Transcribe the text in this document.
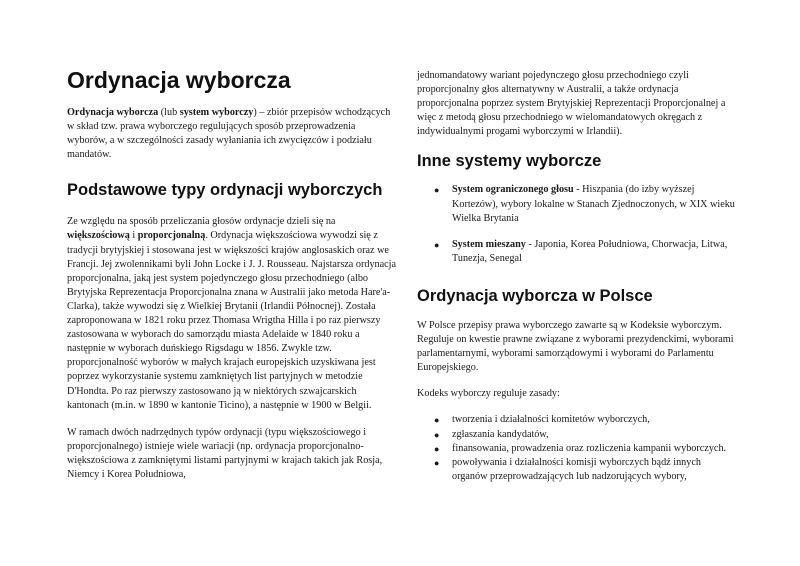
Ordynacja wyborcza

Ordynacja wyborcza (lub system wyborczy) – zbiór przepisów wchodzących w skład tzw. prawa wyborczego regulujących sposób przeprowadzenia wyborów, a w szczególności zasady wyłaniania ich zwycięzców i podziału mandatów.

Podstawowe typy ordynacji wyborczych

Ze względu na sposób przeliczania głosów ordynacje dzieli się na większościową i proporcjonalną. Ordynacja większościowa wywodzi się z tradycji brytyjskiej i stosowana jest w większości krajów anglosaskich oraz we Francji. Jej zwolennikami byli John Locke i J. J. Rousseau. Najstarsza ordynacja proporcjonalna, jaką jest system pojedynczego głosu przechodniego (albo Brytyjska Reprezentacja Proporcjonalna znana w Australii jako metoda Hare'a-Clarka), także wywodzi się z Wielkiej Brytanii (Irlandii Północnej). Została zaproponowana w 1821 roku przez Thomasa Wrigtha Hilla i po raz pierwszy zastosowana w wyborach do samorządu miasta Adelaide w 1840 roku a następnie w wyborach duńskiego Rigsdagu w 1856. Zwykle tzw. proporcjonalność wyborów w małych krajach europejskich uzyskiwana jest poprzez wykorzystanie systemu zamkniętych list partyjnych w metodzie D'Hondta. Po raz pierwszy zastosowano ją w niektórych szwajcarskich kantonach (m.in. w 1890 w kantonie Ticino), a następnie w 1900 w Belgii.

W ramach dwóch nadrzędnych typów ordynacji (typu większościowego i proporcjonalnego) istnieje wiele wariacji (np. ordynacja proporcjonalno-większościowa z zamkniętymi listami partyjnymi w krajach takich jak Rosja, Niemcy i Korea Południowa,

jednomandatowy wariant pojedynczego głosu przechodniego czyli proporcjonalny głos alternatywny w Australii, a także ordynacja proporcjonalna poprzez system Brytyjskiej Reprezentacji Proporcjonalnej a więc z metodą głosu przechodniego w wielomandatowych okręgach z indywidualnymi progami wyborczymi w Irlandii).

Inne systemy wyborcze
● System ograniczonego głosu - Hiszpania (do izby wyższej Kortezów), wybory lokalne w Stanach Zjednoczonych, w XIX wieku Wielka Brytania
● System mieszany - Japonia, Korea Południowa, Chorwacja, Litwa, Tunezja, Senegal
Ordynacja wyborcza w Polsce

W Polsce przepisy prawa wyborczego zawarte są w Kodeksie wyborczym. Reguluje on kwestie prawne związane z wyborami prezydenckimi, wyborami parlamentarnymi, wyborami samorządowymi i wyborami do Parlamentu Europejskiego.

Kodeks wyborczy reguluje zasady:

● tworzenia i działalności komitetów wyborczych,
● zgłaszania kandydatów,
● finansowania, prowadzenia oraz rozliczenia kampanii wyborczych.
● powoływania i działalności komisji wyborczych bądź innych organów przeprowadzających lub nadzorujących wybory,
